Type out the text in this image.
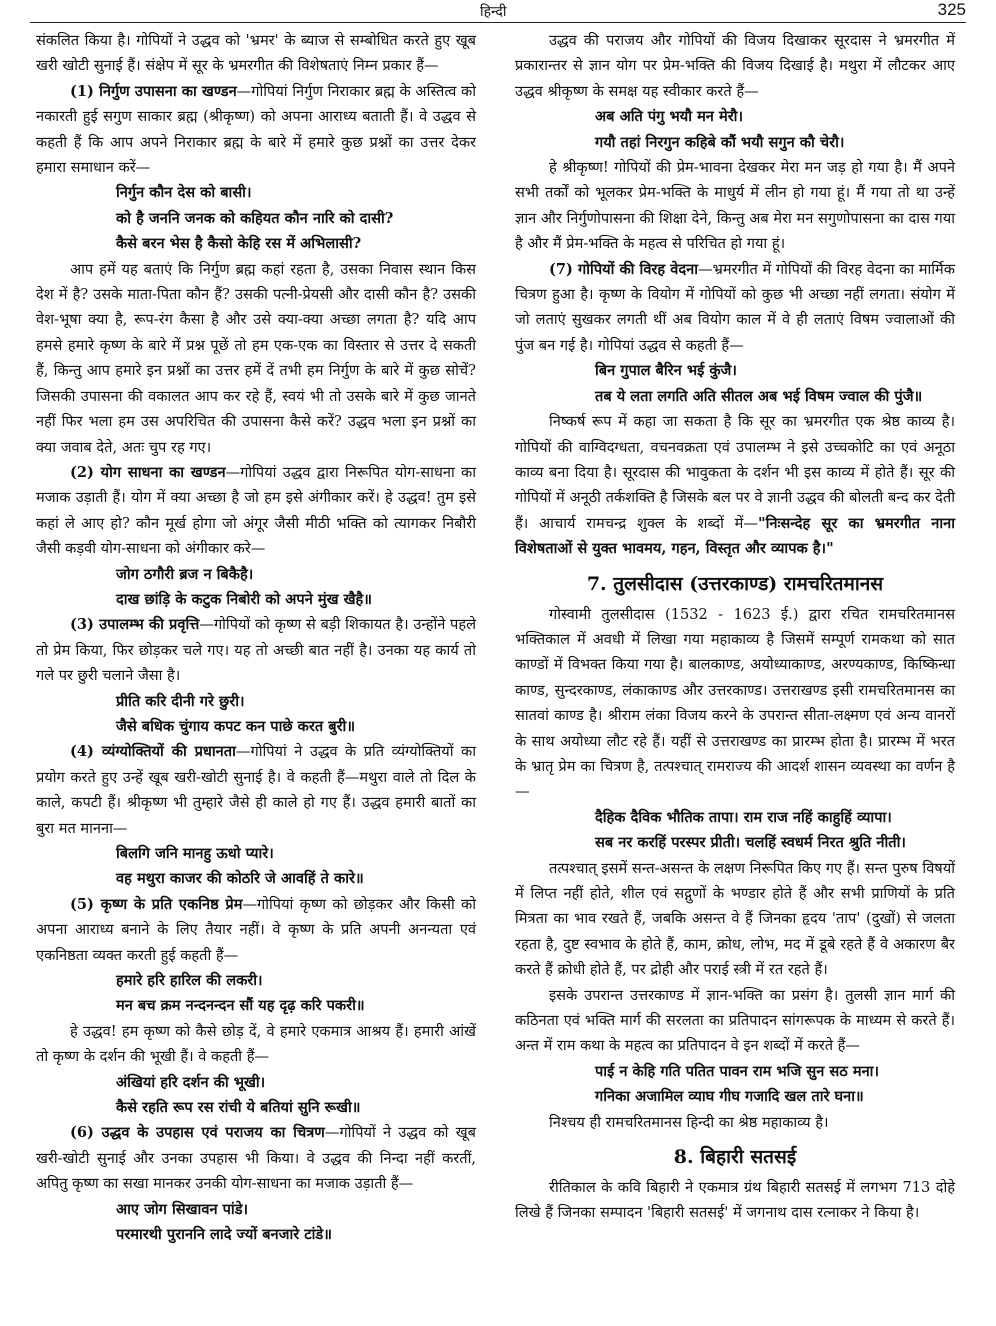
हिन्दी	325

संकलित किया है। गोपियों ने उद्धव को 'भ्रमर' के ब्याज से सम्बोधित करते हुए खूब खरी खोटी सुनाई हैं। संक्षेप में सूर के भ्रमरगीत की विशेषताएं निम्न प्रकार हैं—

(1) निर्गुण उपासना का खण्डन—गोपियां निर्गुण निराकार ब्रह्म के अस्तित्व को नकारती हुई सगुण साकार ब्रह्म (श्रीकृष्ण) को अपना आराध्य बताती हैं। वे उद्धव से कहती हैं कि आप अपने निराकार ब्रह्म के बारे में हमारे कुछ प्रश्नों का उत्तर देकर हमारा समाधान करें—

निर्गुन कौन देस को बासी।
को है जननि जनक को कहियत कौन नारि को दासी?
कैसे बरन भेस है कैसो केहि रस में अभिलासी?

आप हमें यह बताएं कि निर्गुण ब्रह्म कहां रहता है, उसका निवास स्थान किस देश में है? उसके माता-पिता कौन हैं? उसकी पत्नी-प्रेयसी और दासी कौन है? उसकी वेश-भूषा क्या है, रूप-रंग कैसा है और उसे क्या-क्या अच्छा लगता है? यदि आप हमसे हमारे कृष्ण के बारे में प्रश्न पूछें तो हम एक-एक का विस्तार से उत्तर दे सकती हैं, किन्तु आप हमारे इन प्रश्नों का उत्तर हमें दें तभी हम निर्गुण के बारे में कुछ सोचें? जिसकी उपासना की वकालत आप कर रहे हैं, स्वयं भी तो उसके बारे में कुछ जानते नहीं फिर भला हम उस अपरिचित की उपासना कैसे करें? उद्धव भला इन प्रश्नों का क्या जवाब देते, अतः चुप रह गए।

(2) योग साधना का खण्डन—गोपियां उद्धव द्वारा निरूपित योग-साधना का मजाक उड़ाती हैं। योग में क्या अच्छा है जो हम इसे अंगीकार करें। हे उद्धव! तुम इसे कहां ले आए हो? कौन मूर्ख होगा जो अंगूर जैसी मीठी भक्ति को त्यागकर निबौरी जैसी कड़वी योग-साधना को अंगीकार करे—

जोग ठगौरी ब्रज न बिकैहै।
दाख छांड़ि के कटुक निबोरी को अपने मुंख खैहै॥

(3) उपालम्भ की प्रवृत्ति—गोपियों को कृष्ण से बड़ी शिकायत है। उन्होंने पहले तो प्रेम किया, फिर छोड़कर चले गए। यह तो अच्छी बात नहीं है। उनका यह कार्य तो गले पर छुरी चलाने जैसा है।

प्रीति करि दीनी गरे छुरी।
जैसे बधिक चुंगाय कपट कन पाछे करत बुरी॥

(4) व्यंग्योक्तियों की प्रधानता—गोपियां ने उद्धव के प्रति व्यंग्योक्तियों का प्रयोग करते हुए उन्हें खूब खरी-खोटी सुनाई है। वे कहती हैं—मथुरा वाले तो दिल के काले, कपटी हैं। श्रीकृष्ण भी तुम्हारे जैसे ही काले हो गए हैं। उद्धव हमारी बातों का बुरा मत मानना—

बिलगि जनि मानहु ऊधो प्यारे।
वह मथुरा काजर की कोठरि जे आवहिं ते कारे॥

(5) कृष्ण के प्रति एकनिष्ठ प्रेम—गोपियां कृष्ण को छोड़कर और किसी को अपना आराध्य बनाने के लिए तैयार नहीं। वे कृष्ण के प्रति अपनी अनन्यता एवं एकनिष्ठता व्यक्त करती हुई कहती हैं—

हमारे हरि हारिल की लकरी।
मन बच क्रम नन्दनन्दन सौं यह दृढ़ करि पकरी॥

हे उद्धव! हम कृष्ण को कैसे छोड़ दें, वे हमारे एकमात्र आश्रय हैं। हमारी आंखें तो कृष्ण के दर्शन की भूखी हैं। वे कहती हैं—

अंखियां हरि दर्शन की भूखी।
कैसे रहति रूप रस रांची ये बतियां सुनि रूखी॥

(6) उद्धव के उपहास एवं पराजय का चित्रण—गोपियों ने उद्धव को खूब खरी-खोटी सुनाई और उनका उपहास भी किया। वे उद्धव की निन्दा नहीं करतीं, अपितु कृष्ण का सखा मानकर उनकी योग-साधना का मजाक उड़ाती हैं—

आए जोग सिखावन पांडे।
परमारथी पुराननि लादे ज्यों बनजारे टांडे॥

उद्धव की पराजय और गोपियों की विजय दिखाकर सूरदास ने भ्रमरगीत में प्रकारान्तर से ज्ञान योग पर प्रेम-भक्ति की विजय दिखाई है। मथुरा में लौटकर आए उद्धव श्रीकृष्ण के समक्ष यह स्वीकार करते हैं—

अब अति पंगु भयौ मन मेरौ।
गयौ तहां निरगुन कहिबे कौं भयौ सगुन कौ चेरौ।

हे श्रीकृष्ण! गोपियों की प्रेम-भावना देखकर मेरा मन जड़ हो गया है। मैं अपने सभी तर्कों को भूलकर प्रेम-भक्ति के माधुर्य में लीन हो गया हूं। मैं गया तो था उन्हें ज्ञान और निर्गुणोपासना की शिक्षा देने, किन्तु अब मेरा मन सगुणोपासना का दास गया है और मैं प्रेम-भक्ति के महत्व से परिचित हो गया हूं।

(7) गोपियों की विरह वेदना—भ्रमरगीत में गोपियों की विरह वेदना का मार्मिक चित्रण हुआ है। कृष्ण के वियोग में गोपियों को कुछ भी अच्छा नहीं लगता। संयोग में जो लताएं सुखकर लगती थीं अब वियोग काल में वे ही लताएं विषम ज्वालाओं की पुंज बन गई है। गोपियां उद्धव से कहती हैं—

बिन गुपाल बैरिन भई कुंजै।
तब ये लता लगति अति सीतल अब भई विषम ज्वाल की पुंजै॥

निष्कर्ष रूप में कहा जा सकता है कि सूर का भ्रमरगीत एक श्रेष्ठ काव्य है। गोपियों की वाग्विदग्धता, वचनवक्रता एवं उपालम्भ ने इसे उच्चकोटि का एवं अनूठा काव्य बना दिया है। सूरदास की भावुकता के दर्शन भी इस काव्य में होते हैं। सूर की गोपियों में अनूठी तर्कशक्ति है जिसके बल पर वे ज्ञानी उद्धव की बोलती बन्द कर देती हैं। आचार्य रामचन्द्र शुक्ल के शब्दों में—"निःसन्देह सूर का भ्रमरगीत नाना विशेषताओं से युक्त भावमय, गहन, विस्तृत और व्यापक है।"

7. तुलसीदास (उत्तरकाण्ड) रामचरितमानस

गोस्वामी तुलसीदास (1532 - 1623 ई.) द्वारा रचित रामचरितमानस भक्तिकाल में अवधी में लिखा गया महाकाव्य है जिसमें सम्पूर्ण रामकथा को सात काण्डों में विभक्त किया गया है। बालकाण्ड, अयोध्याकाण्ड, अरण्यकाण्ड, किष्किन्धा काण्ड, सुन्दरकाण्ड, लंकाकाण्ड और उत्तरकाण्ड। उत्तराखण्ड इसी रामचरितमानस का सातवां काण्ड है। श्रीराम लंका विजय करने के उपरान्त सीता-लक्ष्मण एवं अन्य वानरों के साथ अयोध्या लौट रहे हैं। यहीं से उत्तराखण्ड का प्रारम्भ होता है। प्रारम्भ में भरत के भ्रातृ प्रेम का चित्रण है, तत्पश्चात् रामराज्य की आदर्श शासन व्यवस्था का वर्णन है—

दैहिक दैविक भौतिक तापा। राम राज नहिं काहुहिं व्यापा।
सब नर करहिं परस्पर प्रीती। चलहिं स्वधर्म निरत श्रुति नीती।

तत्पश्चात् इसमें सन्त-असन्त के लक्षण निरूपित किए गए हैं। सन्त पुरुष विषयों में लिप्त नहीं होते, शील एवं सद्गुणों के भण्डार होते हैं और सभी प्राणियों के प्रति मित्रता का भाव रखते हैं, जबकि असन्त वे हैं जिनका हृदय 'ताप' (दुखों) से जलता रहता है, दुष्ट स्वभाव के होते हैं, काम, क्रोध, लोभ, मद में डूबे रहते हैं वे अकारण बैर करते हैं क्रोधी होते हैं, पर द्रोही और पराई स्त्री में रत रहते हैं।

इसके उपरान्त उत्तरकाण्ड में ज्ञान-भक्ति का प्रसंग है। तुलसी ज्ञान मार्ग की कठिनता एवं भक्ति मार्ग की सरलता का प्रतिपादन सांगरूपक के माध्यम से करते हैं। अन्त में राम कथा के महत्व का प्रतिपादन वे इन शब्दों में करते हैं—

पाई न केहि गति पतित पावन राम भजि सुन सठ मना।
गनिका अजामिल व्याघ गीघ गजादि खल तारे घना॥

निश्चय ही रामचरितमानस हिन्दी का श्रेष्ठ महाकाव्य है।

8. बिहारी सतसई

रीतिकाल के कवि बिहारी ने एकमात्र ग्रंथ बिहारी सतसई में लगभग 713 दोहे लिखे हैं जिनका सम्पादन 'बिहारी सतसई' में जगनाथ दास रत्नाकर ने किया है।
